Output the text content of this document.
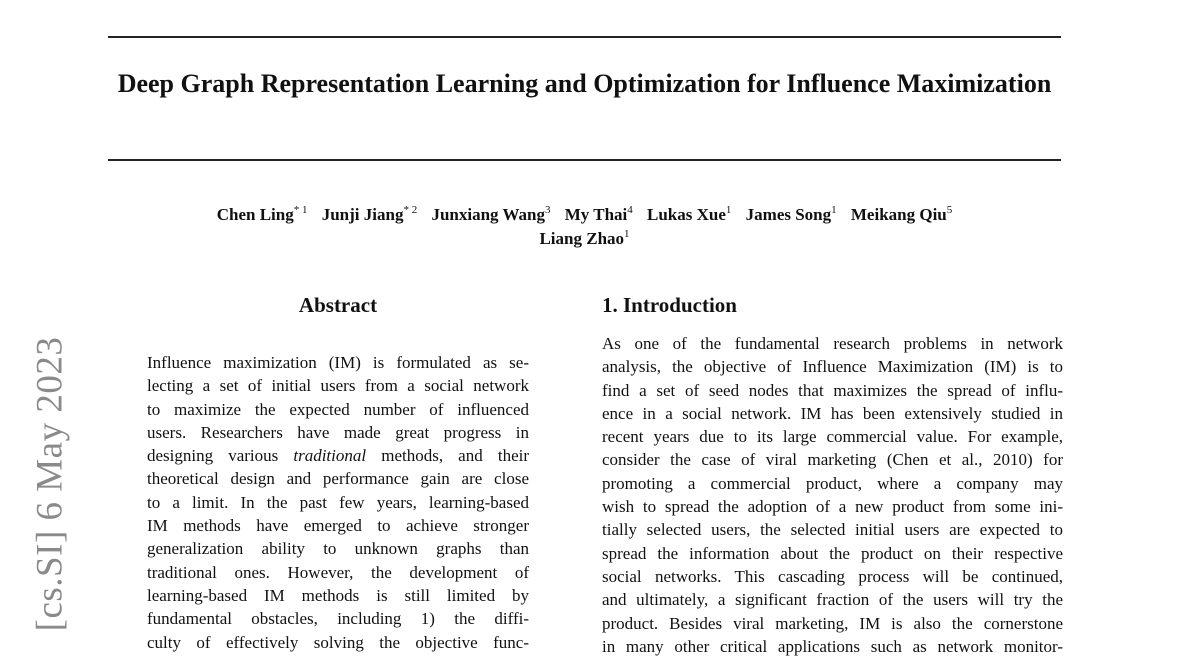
Deep Graph Representation Learning and Optimization for Influence Maximization
Chen Ling$^{* 1}$ Junji Jiang$^{* 2}$ Junxiang Wang$^3$ My Thai$^4$ Lukas Xue$^1$ James Song$^1$ Meikang Qiu$^5$
Liang Zhao$^1$
[cs.SI] 6 May 2023
Abstract
Influence maximization (IM) is formulated as se-
lecting a set of initial users from a social network
to maximize the expected number of influenced
users. Researchers have made great progress in
designing various traditional methods, and their
theoretical design and performance gain are close
to a limit. In the past few years, learning-based
IM methods have emerged to achieve stronger
generalization ability to unknown graphs than
traditional ones. However, the development of
learning-based IM methods is still limited by
fundamental obstacles, including 1) the diffi-
culty of effectively solving the objective func-
1. Introduction
As one of the fundamental research problems in network
analysis, the objective of Influence Maximization (IM) is to
find a set of seed nodes that maximizes the spread of influ-
ence in a social network. IM has been extensively studied in
recent years due to its large commercial value. For example,
consider the case of viral marketing (Chen et al., 2010) for
promoting a commercial product, where a company may
wish to spread the adoption of a new product from some ini-
tially selected users, the selected initial users are expected to
spread the information about the product on their respective
social networks. This cascading process will be continued,
and ultimately, a significant fraction of the users will try the
product. Besides viral marketing, IM is also the cornerstone
in many other critical applications such as network monitor-
